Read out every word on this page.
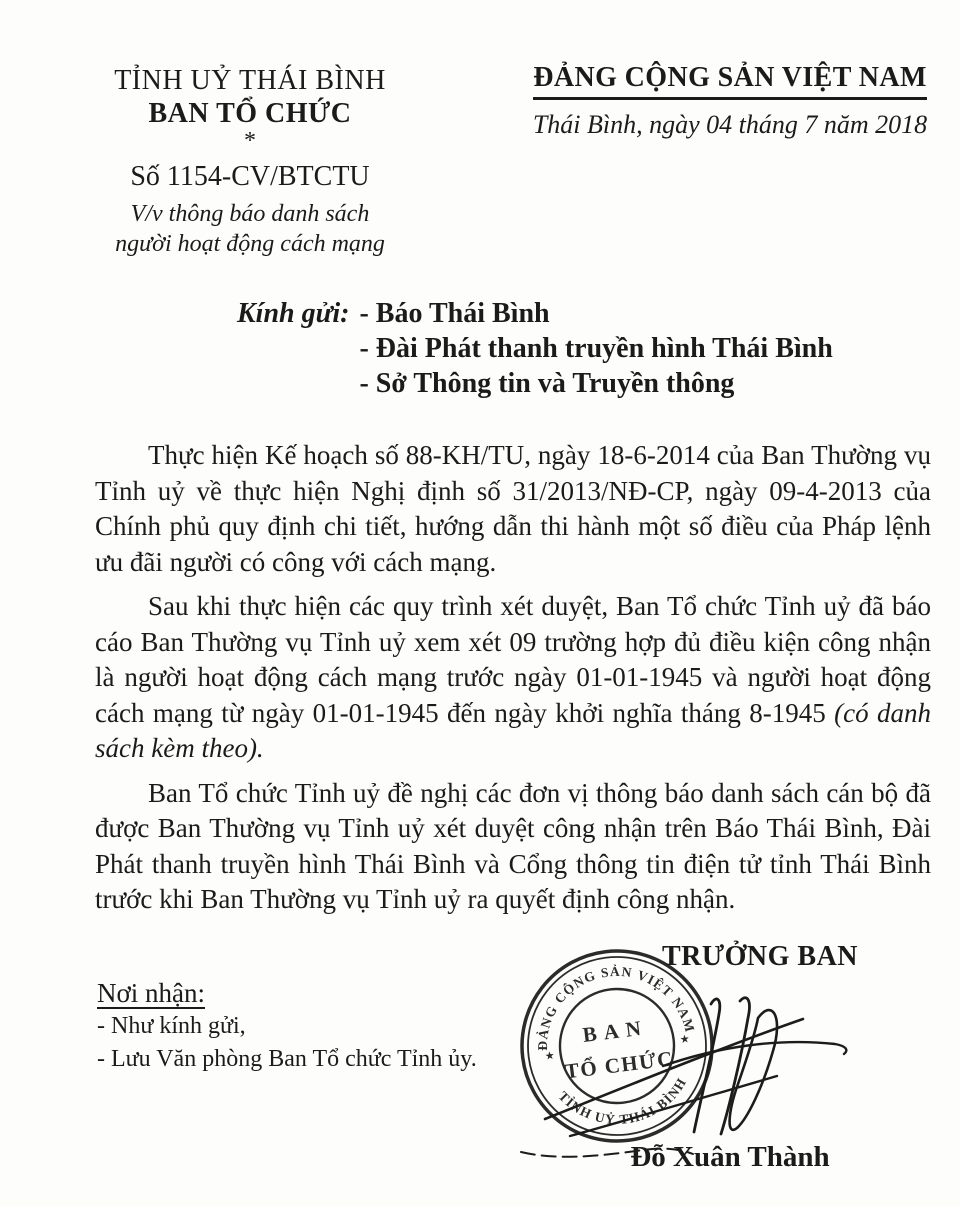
TỈNH UỶ THÁI BÌNH
BAN TỔ CHỨC
*
Số 1154-CV/BTCTU
V/v thông báo danh sách
người hoạt động cách mạng
ĐẢNG CỘNG SẢN VIỆT NAM
Thái Bình, ngày 04 tháng 7 năm 2018
Kính gửi: - Báo Thái Bình
- Đài Phát thanh truyền hình Thái Bình
- Sở Thông tin và Truyền thông

Thực hiện Kế hoạch số 88-KH/TU, ngày 18-6-2014 của Ban Thường vụ Tỉnh uỷ về thực hiện Nghị định số 31/2013/NĐ-CP, ngày 09-4-2013 của Chính phủ quy định chi tiết, hướng dẫn thi hành một số điều của Pháp lệnh ưu đãi người có công với cách mạng.

Sau khi thực hiện các quy trình xét duyệt, Ban Tổ chức Tỉnh uỷ đã báo cáo Ban Thường vụ Tỉnh uỷ xem xét 09 trường hợp đủ điều kiện công nhận là người hoạt động cách mạng trước ngày 01-01-1945 và người hoạt động cách mạng từ ngày 01-01-1945 đến ngày khởi nghĩa tháng 8-1945 (có danh sách kèm theo).

Ban Tổ chức Tỉnh uỷ đề nghị các đơn vị thông báo danh sách cán bộ đã được Ban Thường vụ Tỉnh uỷ xét duyệt công nhận trên Báo Thái Bình, Đài Phát thanh truyền hình Thái Bình và Cổng thông tin điện tử tỉnh Thái Bình trước khi Ban Thường vụ Tỉnh uỷ ra quyết định công nhận.

Nơi nhận:
- Như kính gửi,
- Lưu Văn phòng Ban Tổ chức Tỉnh ủy.
TRƯỞNG BAN
Đỗ Xuân Thành
ĐẢNG CỘNG SẢN VIỆT NAM
TỈNH UỶ THÁI BÌNH
★
★
BAN
TỔ CHỨC
